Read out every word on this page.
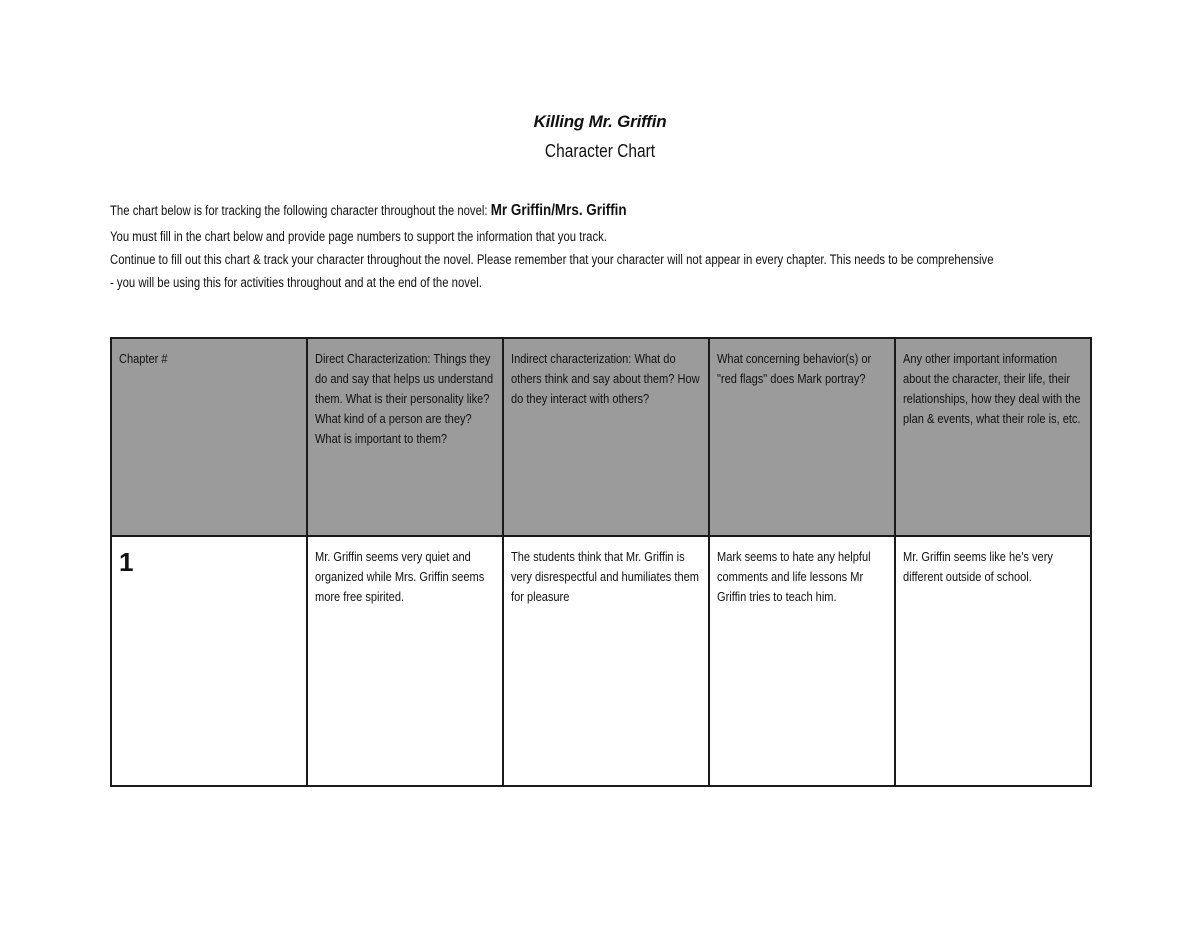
Killing Mr. Griffin
Character Chart
The chart below is for tracking the following character throughout the novel: Mr Griffin/Mrs. Griffin
You must fill in the chart below and provide page numbers to support the information that you track.
Continue to fill out this chart & track your character throughout the novel. Please remember that your character will not appear in every chapter. This needs to be comprehensive
- you will be using this for activities throughout and at the end of the novel.
Chapter #	Direct Characterization: Things they do and say that helps us understand them. What is their personality like? What kind of a person are they? What is important to them?	Indirect characterization: What do others think and say about them? How do they interact with others?	What concerning behavior(s) or "red flags" does Mark portray?	Any other important information about the character, their life, their relationships, how they deal with the plan & events, what their role is, etc.

1	Mr. Griffin seems very quiet and organized while Mrs. Griffin seems more free spirited.	The students think that Mr. Griffin is very disrespectful and humiliates them for pleasure	Mark seems to hate any helpful comments and life lessons Mr Griffin tries to teach him.	Mr. Griffin seems like he's very different outside of school.
